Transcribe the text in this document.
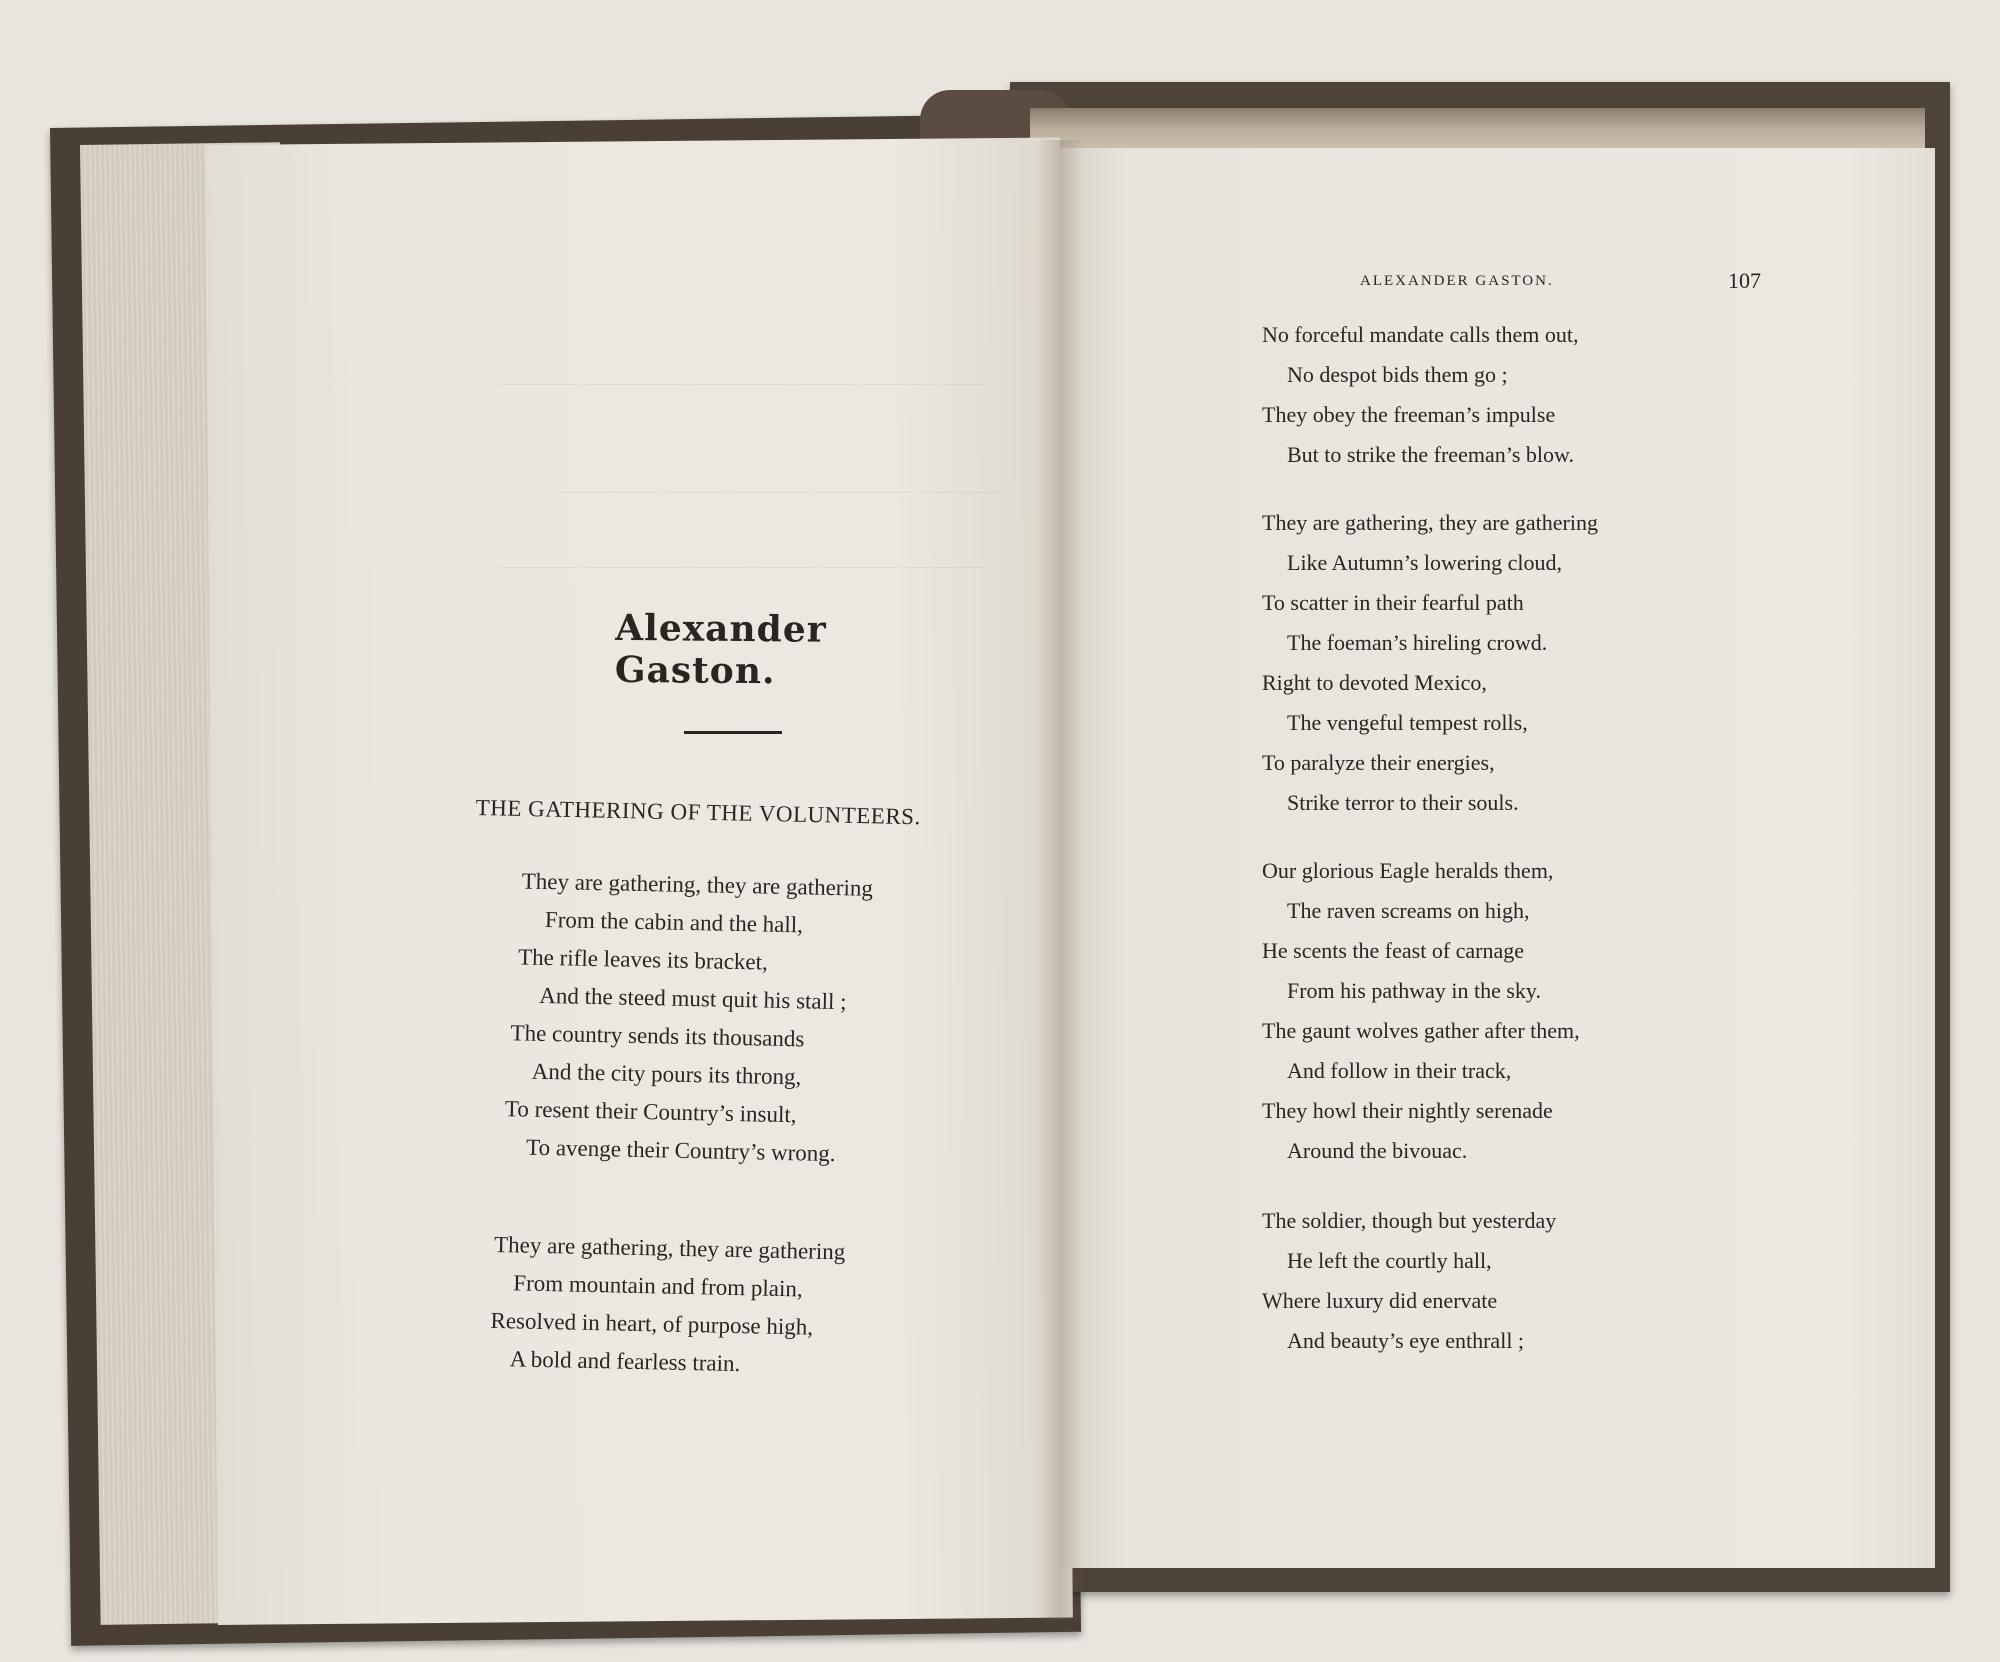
———— ————— ————— ——— ———— ——
————— ——— ———— ————— ————
———— ————— ——— ——— ———— ————
Alexander Gaston.
THE GATHERING OF THE VOLUNTEERS.
They are gathering, they are gathering
From the cabin and the hall,
The rifle leaves its bracket,
And the steed must quit his stall ;
The country sends its thousands
And the city pours its throng,
To resent their Country’s insult,
To avenge their Country’s wrong.
They are gathering, they are gathering
From mountain and from plain,
Resolved in heart, of purpose high,
A bold and fearless train.
ALEXANDER GASTON.	107
No forceful mandate calls them out,
No despot bids them go ;
They obey the freeman’s impulse
But to strike the freeman’s blow.
They are gathering, they are gathering
Like Autumn’s lowering cloud,
To scatter in their fearful path
The foeman’s hireling crowd.
Right to devoted Mexico,
The vengeful tempest rolls,
To paralyze their energies,
Strike terror to their souls.
Our glorious Eagle heralds them,
The raven screams on high,
He scents the feast of carnage
From his pathway in the sky.
The gaunt wolves gather after them,
And follow in their track,
They howl their nightly serenade
Around the bivouac.
The soldier, though but yesterday
He left the courtly hall,
Where luxury did enervate
And beauty’s eye enthrall ;
